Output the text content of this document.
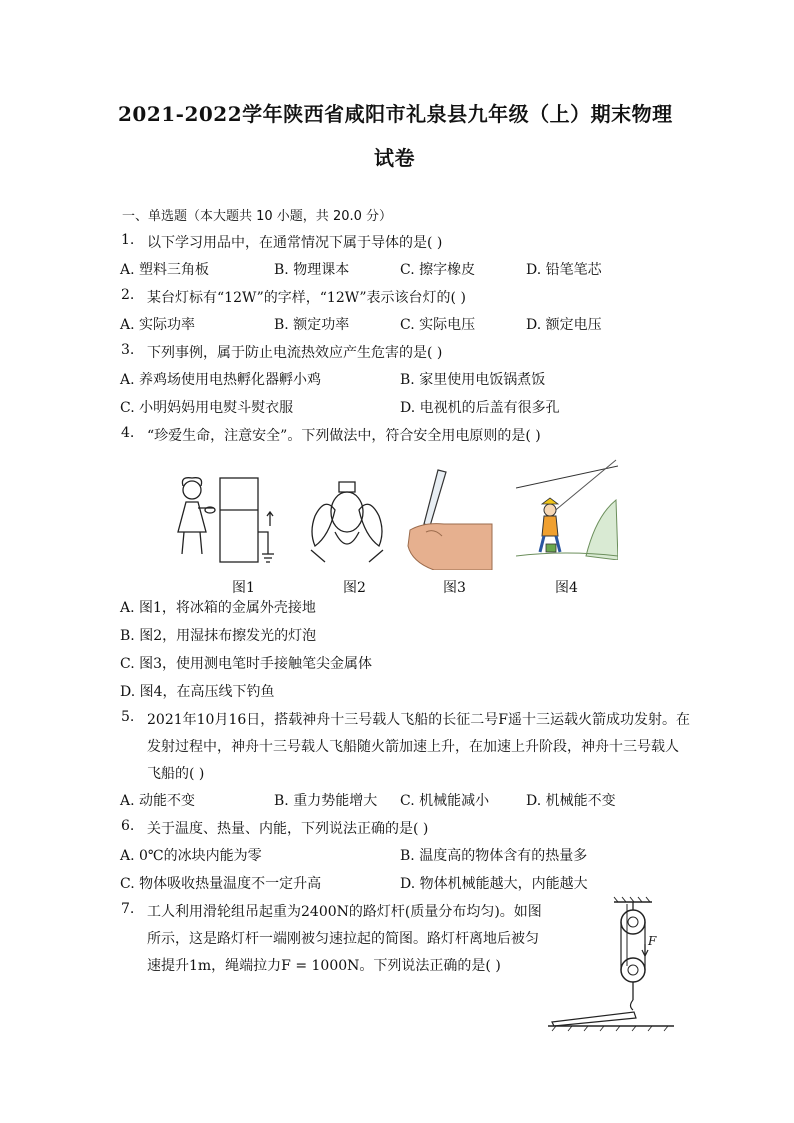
2021-2022学年陕西省咸阳市礼泉县九年级（上）期末物理
试卷
一、单选题（本大题共 10 小题，共 20.0 分）
1. 以下学习用品中，在通常情况下属于导体的是( )
A. 塑料三角板	B. 物理课本	C. 擦字橡皮	D. 铅笔笔芯
2. 某台灯标有“12W”的字样，“12W”表示该台灯的( )
A. 实际功率	B. 额定功率	C. 实际电压	D. 额定电压
3. 下列事例，属于防止电流热效应产生危害的是( )
A. 养鸡场使用电热孵化器孵小鸡	B. 家里使用电饭锅煮饭
C. 小明妈妈用电熨斗熨衣服	D. 电视机的后盖有很多孔
4. “珍爱生命，注意安全”。下列做法中，符合安全用电原则的是( )
图1	图2	图3	图4
A. 图1，将冰箱的金属外壳接地
B. 图2，用湿抹布擦发光的灯泡
C. 图3，使用测电笔时手接触笔尖金属体
D. 图4，在高压线下钓鱼
5. 2021年10月16日，搭载神舟十三号载人飞船的长征二号F遥十三运载火箭成功发射。在
发射过程中，神舟十三号载人飞船随火箭加速上升，在加速上升阶段，神舟十三号载人
飞船的( )
A. 动能不变	B. 重力势能增大 C. 机械能减小	D. 机械能不变
6. 关于温度、热量、内能，下列说法正确的是( )
A. 0℃的冰块内能为零	B. 温度高的物体含有的热量多
C. 物体吸收热量温度不一定升高	D. 物体机械能越大，内能越大
7. 工人利用滑轮组吊起重为2400N的路灯杆(质量分布均匀)。如图
所示，这是路灯杆一端刚被匀速拉起的简图。路灯杆离地后被匀
速提升1m，绳端拉力F = 1000N。下列说法正确的是( )
F
